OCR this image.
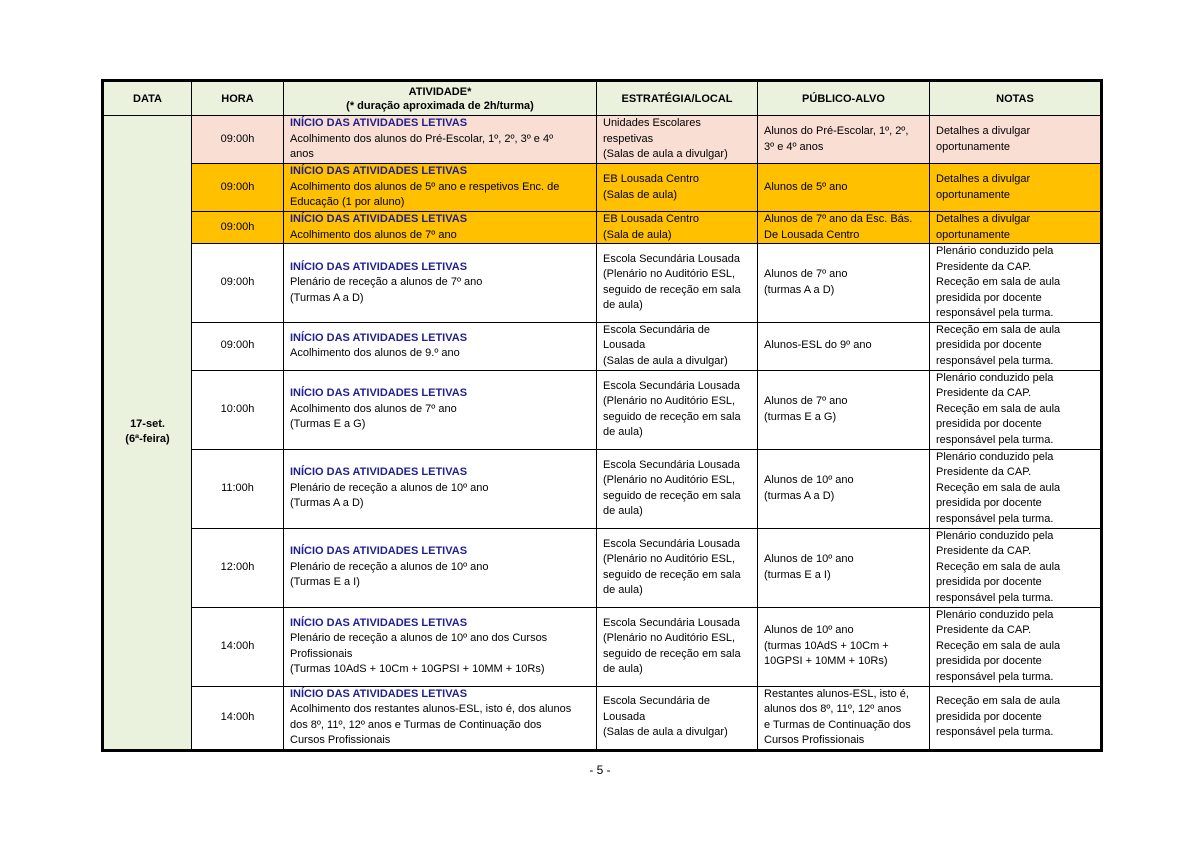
DATA	HORA	ATIVIDADE*
(* duração aproximada de 2h/turma)	ESTRATÉGIA/LOCAL	PÚBLICO-ALVO	NOTAS

17-set.
(6ª-feira)	09:00h	INÍCIO DAS ATIVIDADES LETIVAS
Acolhimento dos alunos do Pré-Escolar, 1º, 2º, 3º e 4º
anos	Unidades Escolares
respetivas
(Salas de aula a divulgar)	Alunos do Pré-Escolar, 1º, 2º,
3º e 4º anos	Detalhes a divulgar
oportunamente

	09:00h	INÍCIO DAS ATIVIDADES LETIVAS
Acolhimento dos alunos de 5º ano e respetivos Enc. de
Educação (1 por aluno)	EB Lousada Centro
(Salas de aula)	Alunos de 5º ano	Detalhes a divulgar
oportunamente

	09:00h	INÍCIO DAS ATIVIDADES LETIVAS
Acolhimento dos alunos de 7º ano	EB Lousada Centro
(Sala de aula)	Alunos de 7º ano da Esc. Bás.
De Lousada Centro	Detalhes a divulgar
oportunamente

	09:00h	INÍCIO DAS ATIVIDADES LETIVAS
Plenário de receção a alunos de 7º ano
(Turmas A a D)	Escola Secundária Lousada
(Plenário no Auditório ESL,
seguido de receção em sala
de aula)	Alunos de 7º ano
(turmas A a D)	Plenário conduzido pela
Presidente da CAP.
Receção em sala de aula
presidida por docente
responsável pela turma.

	09:00h	INÍCIO DAS ATIVIDADES LETIVAS
Acolhimento dos alunos de 9.º ano	Escola Secundária de
Lousada
(Salas de aula a divulgar)	Alunos-ESL do 9º ano	Receção em sala de aula
presidida por docente
responsável pela turma.

	10:00h	INÍCIO DAS ATIVIDADES LETIVAS
Acolhimento dos alunos de 7º ano
(Turmas E a G)	Escola Secundária Lousada
(Plenário no Auditório ESL,
seguido de receção em sala
de aula)	Alunos de 7º ano
(turmas E a G)	Plenário conduzido pela
Presidente da CAP.
Receção em sala de aula
presidida por docente
responsável pela turma.

	11:00h	INÍCIO DAS ATIVIDADES LETIVAS
Plenário de receção a alunos de 10º ano
(Turmas A a D)	Escola Secundária Lousada
(Plenário no Auditório ESL,
seguido de receção em sala
de aula)	Alunos de 10º ano
(turmas A a D)	Plenário conduzido pela
Presidente da CAP.
Receção em sala de aula
presidida por docente
responsável pela turma.

	12:00h	INÍCIO DAS ATIVIDADES LETIVAS
Plenário de receção a alunos de 10º ano
(Turmas E a I)	Escola Secundária Lousada
(Plenário no Auditório ESL,
seguido de receção em sala
de aula)	Alunos de 10º ano
(turmas E a I)	Plenário conduzido pela
Presidente da CAP.
Receção em sala de aula
presidida por docente
responsável pela turma.

	14:00h	INÍCIO DAS ATIVIDADES LETIVAS
Plenário de receção a alunos de 10º ano dos Cursos
Profissionais
(Turmas 10AdS + 10Cm + 10GPSI + 10MM + 10Rs)	Escola Secundária Lousada
(Plenário no Auditório ESL,
seguido de receção em sala
de aula)	Alunos de 10º ano
(turmas 10AdS + 10Cm +
10GPSI + 10MM + 10Rs)	Plenário conduzido pela
Presidente da CAP.
Receção em sala de aula
presidida por docente
responsável pela turma.

	14:00h	INÍCIO DAS ATIVIDADES LETIVAS
Acolhimento dos restantes alunos-ESL, isto é, dos alunos
dos 8º, 11º, 12º anos e Turmas de Continuação dos
Cursos Profissionais	Escola Secundária de
Lousada
(Salas de aula a divulgar)	Restantes alunos-ESL, isto é,
alunos dos 8º, 11º, 12º anos
e Turmas de Continuação dos
Cursos Profissionais	Receção em sala de aula
presidida por docente
responsável pela turma.
- 5 -
